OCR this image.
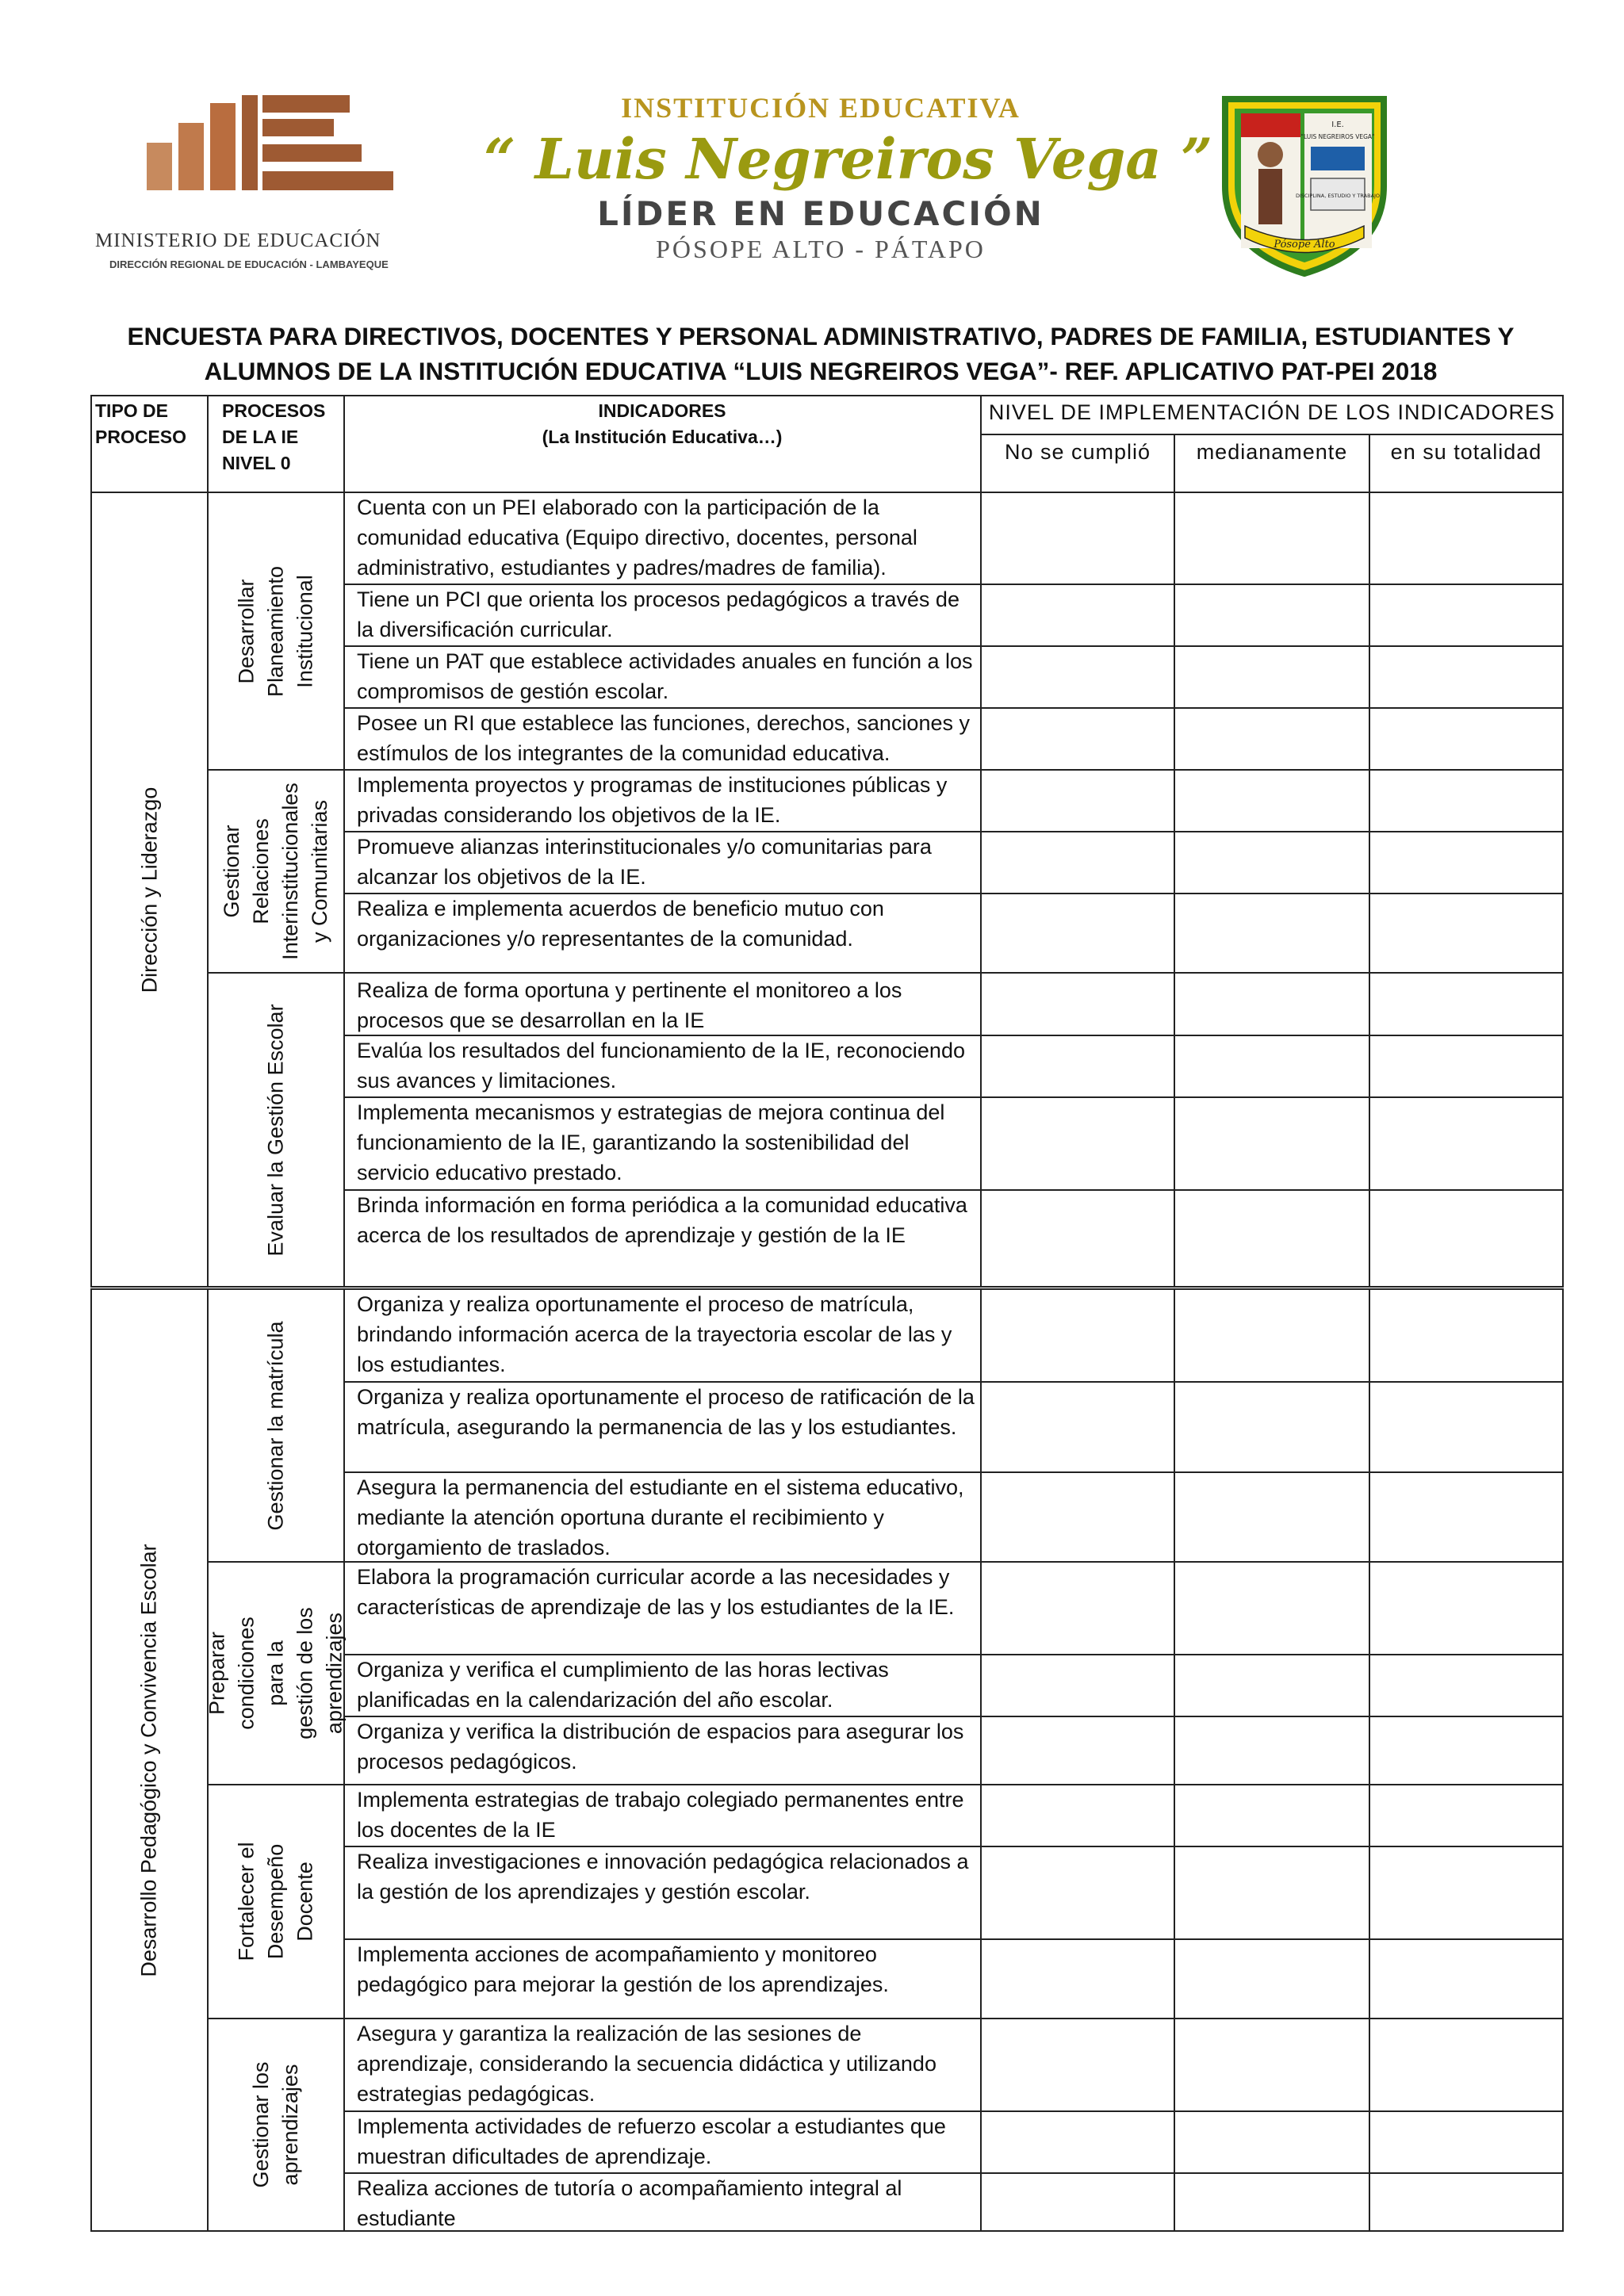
MINISTERIO DE EDUCACIÓN
DIRECCIÓN REGIONAL DE EDUCACIÓN - LAMBAYEQUE
INSTITUCIÓN EDUCATIVA
“ Luis Negreiros Vega ”
LÍDER EN EDUCACIÓN
PÓSOPE ALTO - PÁTAPO
I.E.
"LUIS NEGREIROS VEGA"
DISCIPLINA, ESTUDIO Y TRABAJO
Pósope Alto
ENCUESTA PARA DIRECTIVOS, DOCENTES Y PERSONAL ADMINISTRATIVO, PADRES DE FAMILIA, ESTUDIANTES Y
ALUMNOS DE LA INSTITUCIÓN EDUCATIVA “LUIS NEGREIROS VEGA”- REF. APLICATIVO PAT-PEI 2018
TIPO DE PROCESO
PROCESOS DE LA IE NIVEL 0
INDICADORES
(La Institución Educativa…)
NIVEL DE IMPLEMENTACIÓN DE LOS INDICADORES
No se cumplió	medianamente	en su totalidad
Dirección y Liderazgo
Desarrollo Pedagógico y Convivencia Escolar
Desarrollar Planeamiento Institucional
Gestionar Relaciones Interinstitucionales y Comunitarias
Evaluar la Gestión Escolar
Gestionar la matrícula
Preparar condiciones para la gestión de los aprendizajes
Fortalecer el Desempeño Docente
Gestionar los aprendizajes
Cuenta con un PEI elaborado con la participación de la comunidad educativa (Equipo directivo, docentes, personal administrativo, estudiantes y padres/madres de familia).
Tiene un PCI que orienta los procesos pedagógicos a través de la diversificación curricular.
Tiene un PAT que establece actividades anuales en función a los compromisos de gestión escolar.
Posee un RI que establece las funciones, derechos, sanciones y estímulos de los integrantes de la comunidad educativa.
Implementa proyectos y programas de instituciones públicas y privadas considerando los objetivos de la IE.
Promueve alianzas interinstitucionales y/o comunitarias para alcanzar los objetivos de la IE.
Realiza e implementa acuerdos de beneficio mutuo con organizaciones y/o representantes de la comunidad.
Realiza de forma oportuna y pertinente el monitoreo a los procesos que se desarrollan en la IE
Evalúa los resultados del funcionamiento de la IE, reconociendo sus avances y limitaciones.
Implementa mecanismos y estrategias de mejora continua del funcionamiento de la IE, garantizando la sostenibilidad del servicio educativo prestado.
Brinda información en forma periódica a la comunidad educativa acerca de los resultados de aprendizaje y gestión de la IE
Organiza y realiza oportunamente el proceso de matrícula, brindando información acerca de la trayectoria escolar de las y los estudiantes.
Organiza y realiza oportunamente el proceso de ratificación de la matrícula, asegurando la permanencia de las y los estudiantes.
Asegura la permanencia del estudiante en el sistema educativo, mediante la atención oportuna durante el recibimiento y otorgamiento de traslados.
Elabora la programación curricular acorde a las necesidades y características de aprendizaje de las y los estudiantes de la IE.
Organiza y verifica el cumplimiento de las horas lectivas planificadas en la calendarización del año escolar.
Organiza y verifica la distribución de espacios para asegurar los procesos pedagógicos.
Implementa estrategias de trabajo colegiado permanentes entre los docentes de la IE
Realiza investigaciones e innovación pedagógica relacionados a la gestión de los aprendizajes y gestión escolar.
Implementa acciones de acompañamiento y monitoreo pedagógico para mejorar la gestión de los aprendizajes.
Asegura y garantiza la realización de las sesiones de aprendizaje, considerando la secuencia didáctica y utilizando estrategias pedagógicas.
Implementa actividades de refuerzo escolar a estudiantes que muestran dificultades de aprendizaje.
Realiza acciones de tutoría o acompañamiento integral al estudiante
